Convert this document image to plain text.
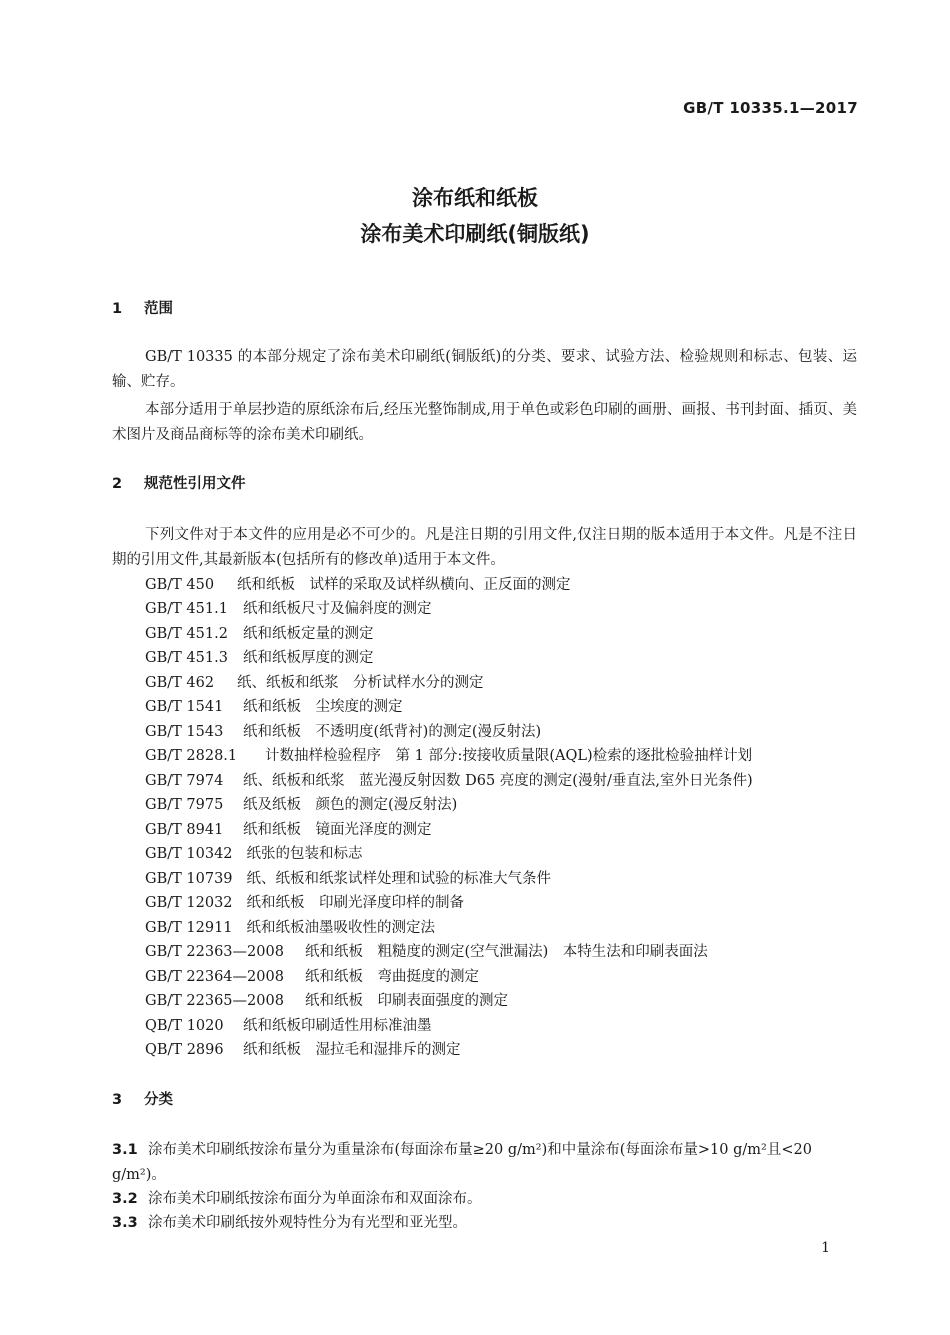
GB/T 10335.1—2017
涂布纸和纸板
涂布美术印刷纸(铜版纸)
1 范围

GB/T 10335 的本部分规定了涂布美术印刷纸(铜版纸)的分类、要求、试验方法、检验规则和标志、包装、运输、贮存。

本部分适用于单层抄造的原纸涂布后,经压光整饰制成,用于单色或彩色印刷的画册、画报、书刊封面、插页、美术图片及商品商标等的涂布美术印刷纸。

2 规范性引用文件

下列文件对于本文件的应用是必不可少的。凡是注日期的引用文件,仅注日期的版本适用于本文件。凡是不注日期的引用文件,其最新版本(包括所有的修改单)适用于本文件。

GB/T 450 纸和纸板　试样的采取及试样纵横向、正反面的测定
GB/T 451.1 纸和纸板尺寸及偏斜度的测定
GB/T 451.2 纸和纸板定量的测定
GB/T 451.3 纸和纸板厚度的测定
GB/T 462 纸、纸板和纸浆　分析试样水分的测定
GB/T 1541 纸和纸板　尘埃度的测定
GB/T 1543 纸和纸板　不透明度(纸背衬)的测定(漫反射法)
GB/T 2828.1 计数抽样检验程序　第 1 部分:按接收质量限(AQL)检索的逐批检验抽样计划
GB/T 7974 纸、纸板和纸浆　蓝光漫反射因数 D65 亮度的测定(漫射/垂直法,室外日光条件)
GB/T 7975 纸及纸板　颜色的测定(漫反射法)
GB/T 8941 纸和纸板　镜面光泽度的测定
GB/T 10342 纸张的包装和标志
GB/T 10739 纸、纸板和纸浆试样处理和试验的标准大气条件
GB/T 12032 纸和纸板　印刷光泽度印样的制备
GB/T 12911 纸和纸板油墨吸收性的测定法
GB/T 22363—2008 纸和纸板　粗糙度的测定(空气泄漏法)　本特生法和印刷表面法
GB/T 22364—2008 纸和纸板　弯曲挺度的测定
GB/T 22365—2008 纸和纸板　印刷表面强度的测定
QB/T 1020 纸和纸板印刷适性用标准油墨
QB/T 2896 纸和纸板　湿拉毛和湿排斥的测定
3 分类

3.1 涂布美术印刷纸按涂布量分为重量涂布(每面涂布量≥20 g/m²)和中量涂布(每面涂布量>10 g/m²且<20 g/m²)。

3.2 涂布美术印刷纸按涂布面分为单面涂布和双面涂布。

3.3 涂布美术印刷纸按外观特性分为有光型和亚光型。

1
